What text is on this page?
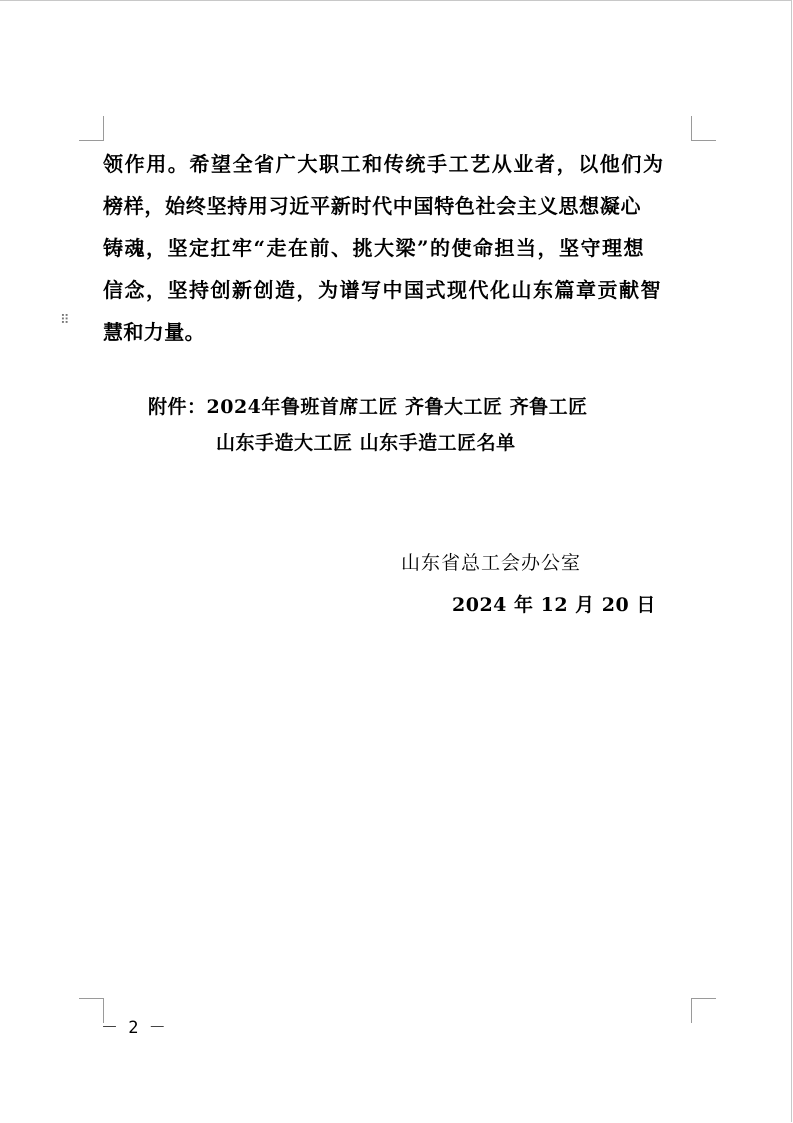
⠿
领作用。希望全省广大职工和传统手工艺从业者，以他们为
榜样，始终坚持用习近平新时代中国特色社会主义思想凝心
铸魂，坚定扛牢“走在前、挑大梁”的使命担当，坚守理想
信念，坚持创新创造，为谱写中国式现代化山东篇章贡献智
慧和力量。
附件：2024年鲁班首席工匠 齐鲁大工匠 齐鲁工匠
山东手造大工匠 山东手造工匠名单
山东省总工会办公室
2024 年 12 月 20 日
－ 2 －
